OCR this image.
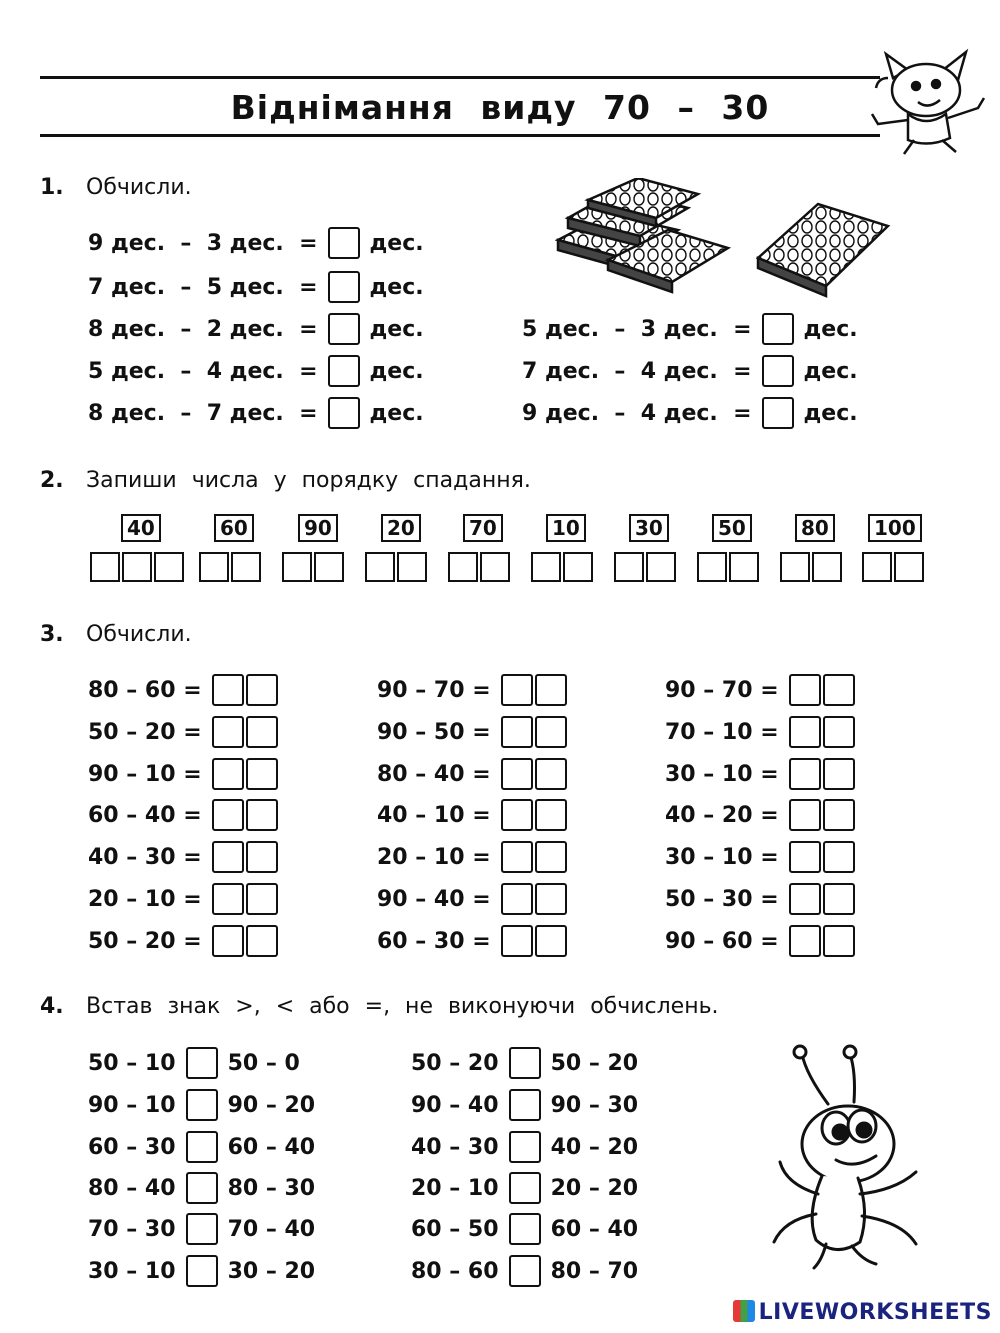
Віднімання виду 70 – 30
1. Обчисли.
9 дес.  – 3 дес.  = дес.
7 дес.  – 5 дес.  = дес.
8 дес.  – 2 дес.  = дес.
5 дес.  – 4 дес.  = дес.
8 дес.  – 7 дес.  = дес.
5 дес.  – 3 дес.  = дес.
7 дес.  – 4 дес.  = дес.
9 дес.  – 4 дес.  = дес.
2. Запиши числа у порядку спадання.
40	60	90	20	70	10	30	50	80	100
3. Обчисли.
80 – 60 =
50 – 20 =
90 – 10 =
60 – 40 =
40 – 30 =
20 – 10 =
50 – 20 =
90 – 70 =
90 – 50 =
80 – 40 =
40 – 10 =
20 – 10 =
90 – 40 =
60 – 30 =
90 – 70 =
70 – 10 =
30 – 10 =
40 – 20 =
30 – 10 =
50 – 30 =
90 – 60 =
4. Встав знак >, < або =, не виконуючи обчислень.
50 – 10 50 – 0
90 – 10 90 – 20
60 – 30 60 – 40
80 – 40 80 – 30
70 – 30 70 – 40
30 – 10 30 – 20
50 – 20 50 – 20
90 – 40 90 – 30
40 – 30 40 – 20
20 – 10 20 – 20
60 – 50 60 – 40
80 – 60 80 – 70
LIVEWORKSHEETS
